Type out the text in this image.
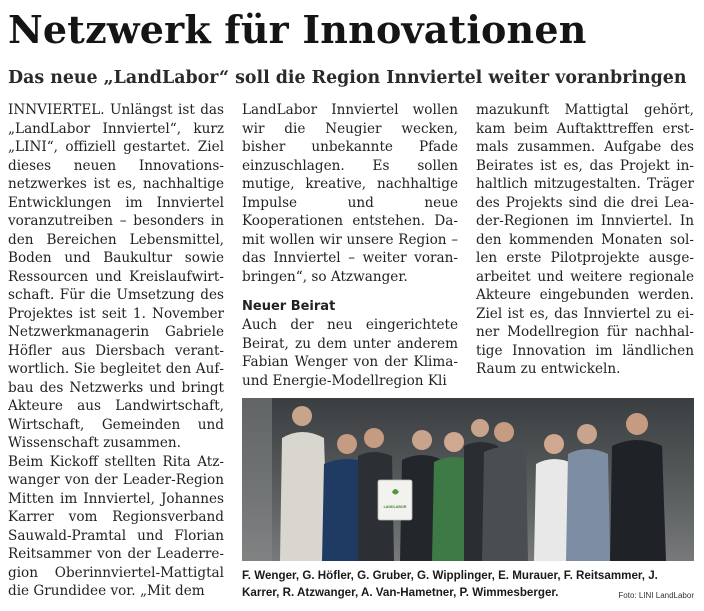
Netzwerk für Innovationen
Das neue „LandLabor“ soll die Region Innviertel weiter voranbringen

INNVIERTEL. Unlängst ist das „LandLabor Innviertel“, kurz „LINI“, offiziell gestartet. Ziel dieses neuen Innovationsnetzwerkes ist es, nachhaltige Entwicklungen im Innviertel voranzutreiben – besonders in den Bereichen Lebensmittel, Boden und Baukultur sowie Ressourcen und Kreislaufwirtschaft. Für die Umsetzung des Projektes ist seit 1. November Netzwerkmanagerin Gabriele Höfler aus Diersbach verantwortlich. Sie begleitet den Aufbau des Netzwerks und bringt Akteure aus Landwirtschaft, Wirtschaft, Gemeinden und Wissenschaft zusammen.

Beim Kickoff stellten Rita Atzwanger von der Leader-Region Mitten im Innviertel, Johannes Karrer vom Regionsverband Sauwald-Pramtal und Florian Reitsammer von der Leaderregion Oberinnviertel-Mattigtal die Grundidee vor. „Mit dem

LandLabor Innviertel wollen wir die Neugier wecken, bisher unbekannte Pfade einzuschlagen. Es sollen mutige, kreative, nachhaltige Impulse und neue Kooperationen entstehen. Damit wollen wir unsere Region – das Innviertel – weiter voranbringen“, so Atzwanger.

Neuer Beirat

Auch der neu eingerichtete Beirat, zu dem unter anderem Fabian Wenger von der Klima- und Energie-Modellregion Kli

mazukunft Mattigtal gehört, kam beim Auftakttreffen erstmals zusammen. Aufgabe des Beirates ist es, das Projekt inhaltlich mitzugestalten. Träger des Projekts sind die drei Leader-Regionen im Innviertel. In den kommenden Monaten sollen erste Pilotprojekte ausgearbeitet und weitere regionale Akteure eingebunden werden. Ziel ist es, das Innviertel zu einer Modellregion für nachhaltige Innovation im ländlichen Raum zu entwickeln.

LANDLABOR
F. Wenger, G. Höfler, G. Gruber, G. Wipplinger, E. Murauer, F. Reitsammer, J. Karrer, R. Atzwanger, A. Van-Hametner, P. Wimmesberger.	Foto: LINI LandLabor
